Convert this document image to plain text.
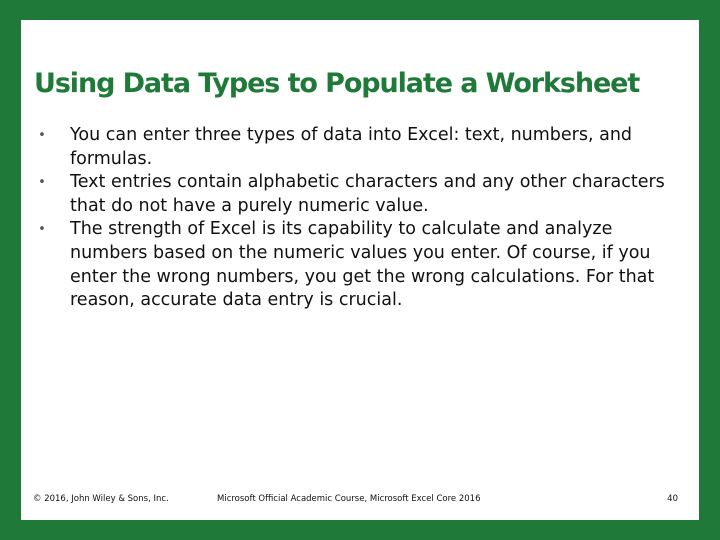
Using Data Types to Populate a Worksheet
• You can enter three types of data into Excel: text, numbers, and formulas.
• Text entries contain alphabetic characters and any other characters that do not have a purely numeric value.
• The strength of Excel is its capability to calculate and analyze numbers based on the numeric values you enter. Of course, if you enter the wrong numbers, you get the wrong calculations. For that reason, accurate data entry is crucial.
© 2016, John Wiley & Sons, Inc.	Microsoft Official Academic Course, Microsoft Excel Core 2016	40
